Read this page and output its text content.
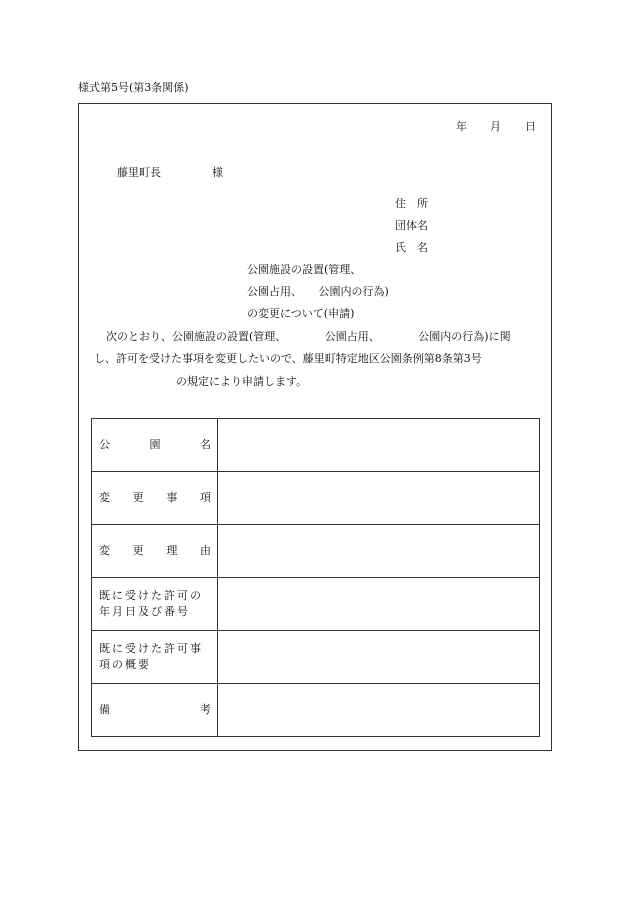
様式第5号(第3条関係)
年 月 日
藤里町長	様
住　所
団体名
氏　名
公園施設の設置(管理、
公園占用、　　公園内の行為)
の変更について(申請)
次のとおり、公園施設の設置(管理、　　　　公園占用、　　　　公園内の行為)に関
し、許可を受けた事項を変更したいので、藤里町特定地区公園条例第8条第3号
の規定により申請します。
公 園 名	

変 更 事 項	

変 更 理 由	

既に受けた許可の年月日及び番号	
既に受けた許可事項の概要	

備 考	
